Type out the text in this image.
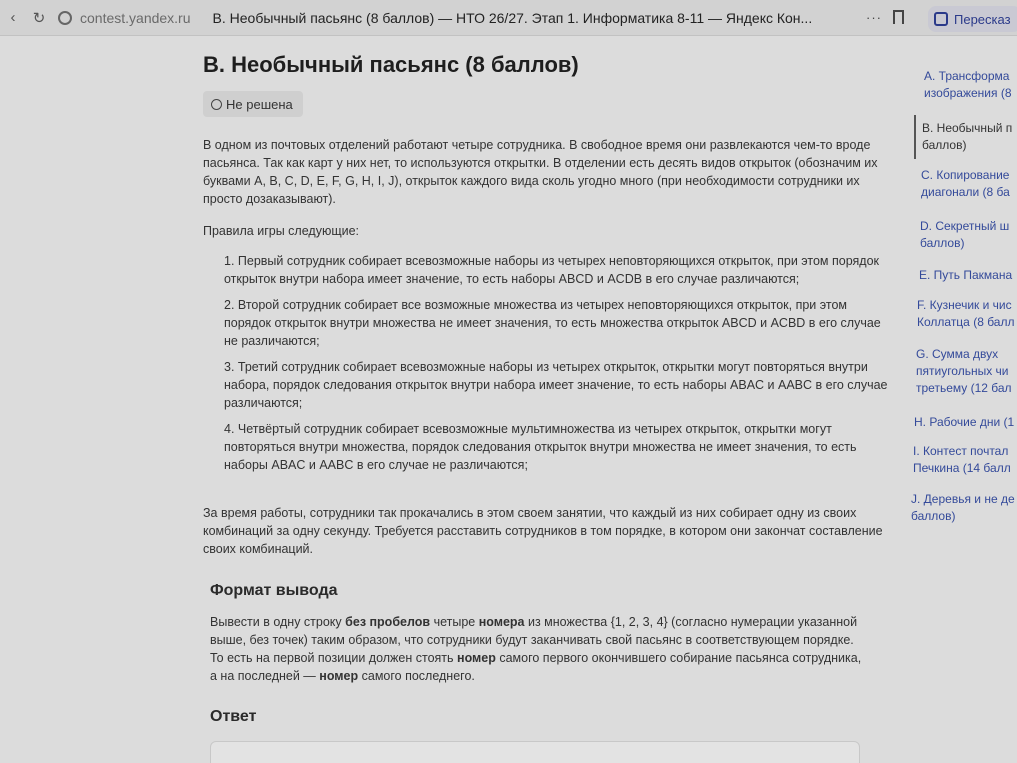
‹	↻	contest.yandex.ru B. Необычный пасьянс (8 баллов) — НТО 26/27. Этап 1. Информатика 8-11 — Яндекс Кон...	···	Пересказ
B. Необычный пасьянс (8 баллов)
Не решена
В одном из почтовых отделений работают четыре сотрудника. В свободное время они развлекаются чем-то вроде пасьянса. Так как карт у них нет, то используются открытки. В отделении есть десять видов открыток (обозначим их буквами A, B, C, D, E, F, G, H, I, J), открыток каждого вида сколь угодно много (при необходимости сотрудники их просто дозаказывают).
Правила игры следующие:
1. Первый сотрудник собирает всевозможные наборы из четырех неповторяющихся открыток, при этом порядок открыток внутри набора имеет значение, то есть наборы ABCD и ACDB в его случае различаются;
2. Второй сотрудник собирает все возможные множества из четырех неповторяющихся открыток, при этом порядок открыток внутри множества не имеет значения, то есть множества открыток ABCD и ACBD в его случае не различаются;
3. Третий сотрудник собирает всевозможные наборы из четырех открыток, открытки могут повторяться внутри набора, порядок следования открыток внутри набора имеет значение, то есть наборы ABAC и AABC в его случае различаются;
4. Четвёртый сотрудник собирает всевозможные мультимножества из четырех открыток, открытки могут повторяться внутри множества, порядок следования открыток внутри множества не имеет значения, то есть наборы ABAC и AABC в его случае не различаются;
За время работы, сотрудники так прокачались в этом своем занятии, что каждый из них собирает одну из своих комбинаций за одну секунду. Требуется расставить сотрудников в том порядке, в котором они закончат составление своих комбинаций.
Формат вывода
Вывести в одну строку без пробелов четыре номера из множества {1, 2, 3, 4} (согласно нумерации указанной выше, без точек) таким образом, что сотрудники будут заканчивать свой пасьянс в соответствующем порядке. То есть на первой позиции должен стоять номер самого первого окончившего собирание пасьянса сотрудника, а на последней — номер самого последнего.
Ответ
A. Трансформа
изображения (8
B. Необычный п
баллов)
C. Копирование
диагонали (8 ба
D. Секретный ш
баллов)
E. Путь Пакмана
F. Кузнечик и чис
Коллатца (8 балл
G. Сумма двух
пятиугольных чи
третьему (12 бал
H. Рабочие дни (1
I. Контест почтал
Печкина (14 балл
J. Деревья и не де
баллов)
